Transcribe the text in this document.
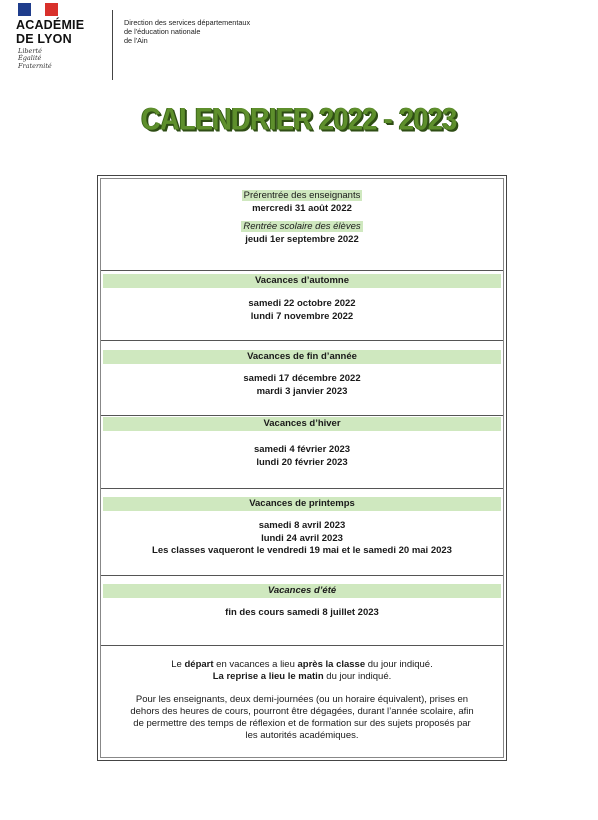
ACADÉMIE
DE LYON
Liberté
Égalité
Fraternité
Direction des services départementaux
de l'éducation nationale
de l'Ain
CALENDRIER 2022 - 2023
Prérentrée des enseignants
mercredi 31 août 2022
Rentrée scolaire des élèves
jeudi 1er septembre 2022
Vacances d’automne
samedi 22 octobre 2022
lundi 7 novembre 2022
Vacances de fin d’année
samedi 17 décembre 2022
mardi 3 janvier 2023
Vacances d’hiver
samedi 4 février 2023
lundi 20 février 2023
Vacances de printemps
samedi 8 avril 2023
lundi 24 avril 2023
Les classes vaqueront le vendredi 19 mai et le samedi 20 mai 2023
Vacances d’été
fin des cours samedi 8 juillet 2023

Le départ en vacances a lieu après la classe du jour indiqué.

La reprise a lieu le matin du jour indiqué.

Pour les enseignants, deux demi-journées (ou un horaire équivalent), prises en

dehors des heures de cours, pourront être dégagées, durant l’année scolaire, afin

de permettre des temps de réflexion et de formation sur des sujets proposés par

les autorités académiques.
